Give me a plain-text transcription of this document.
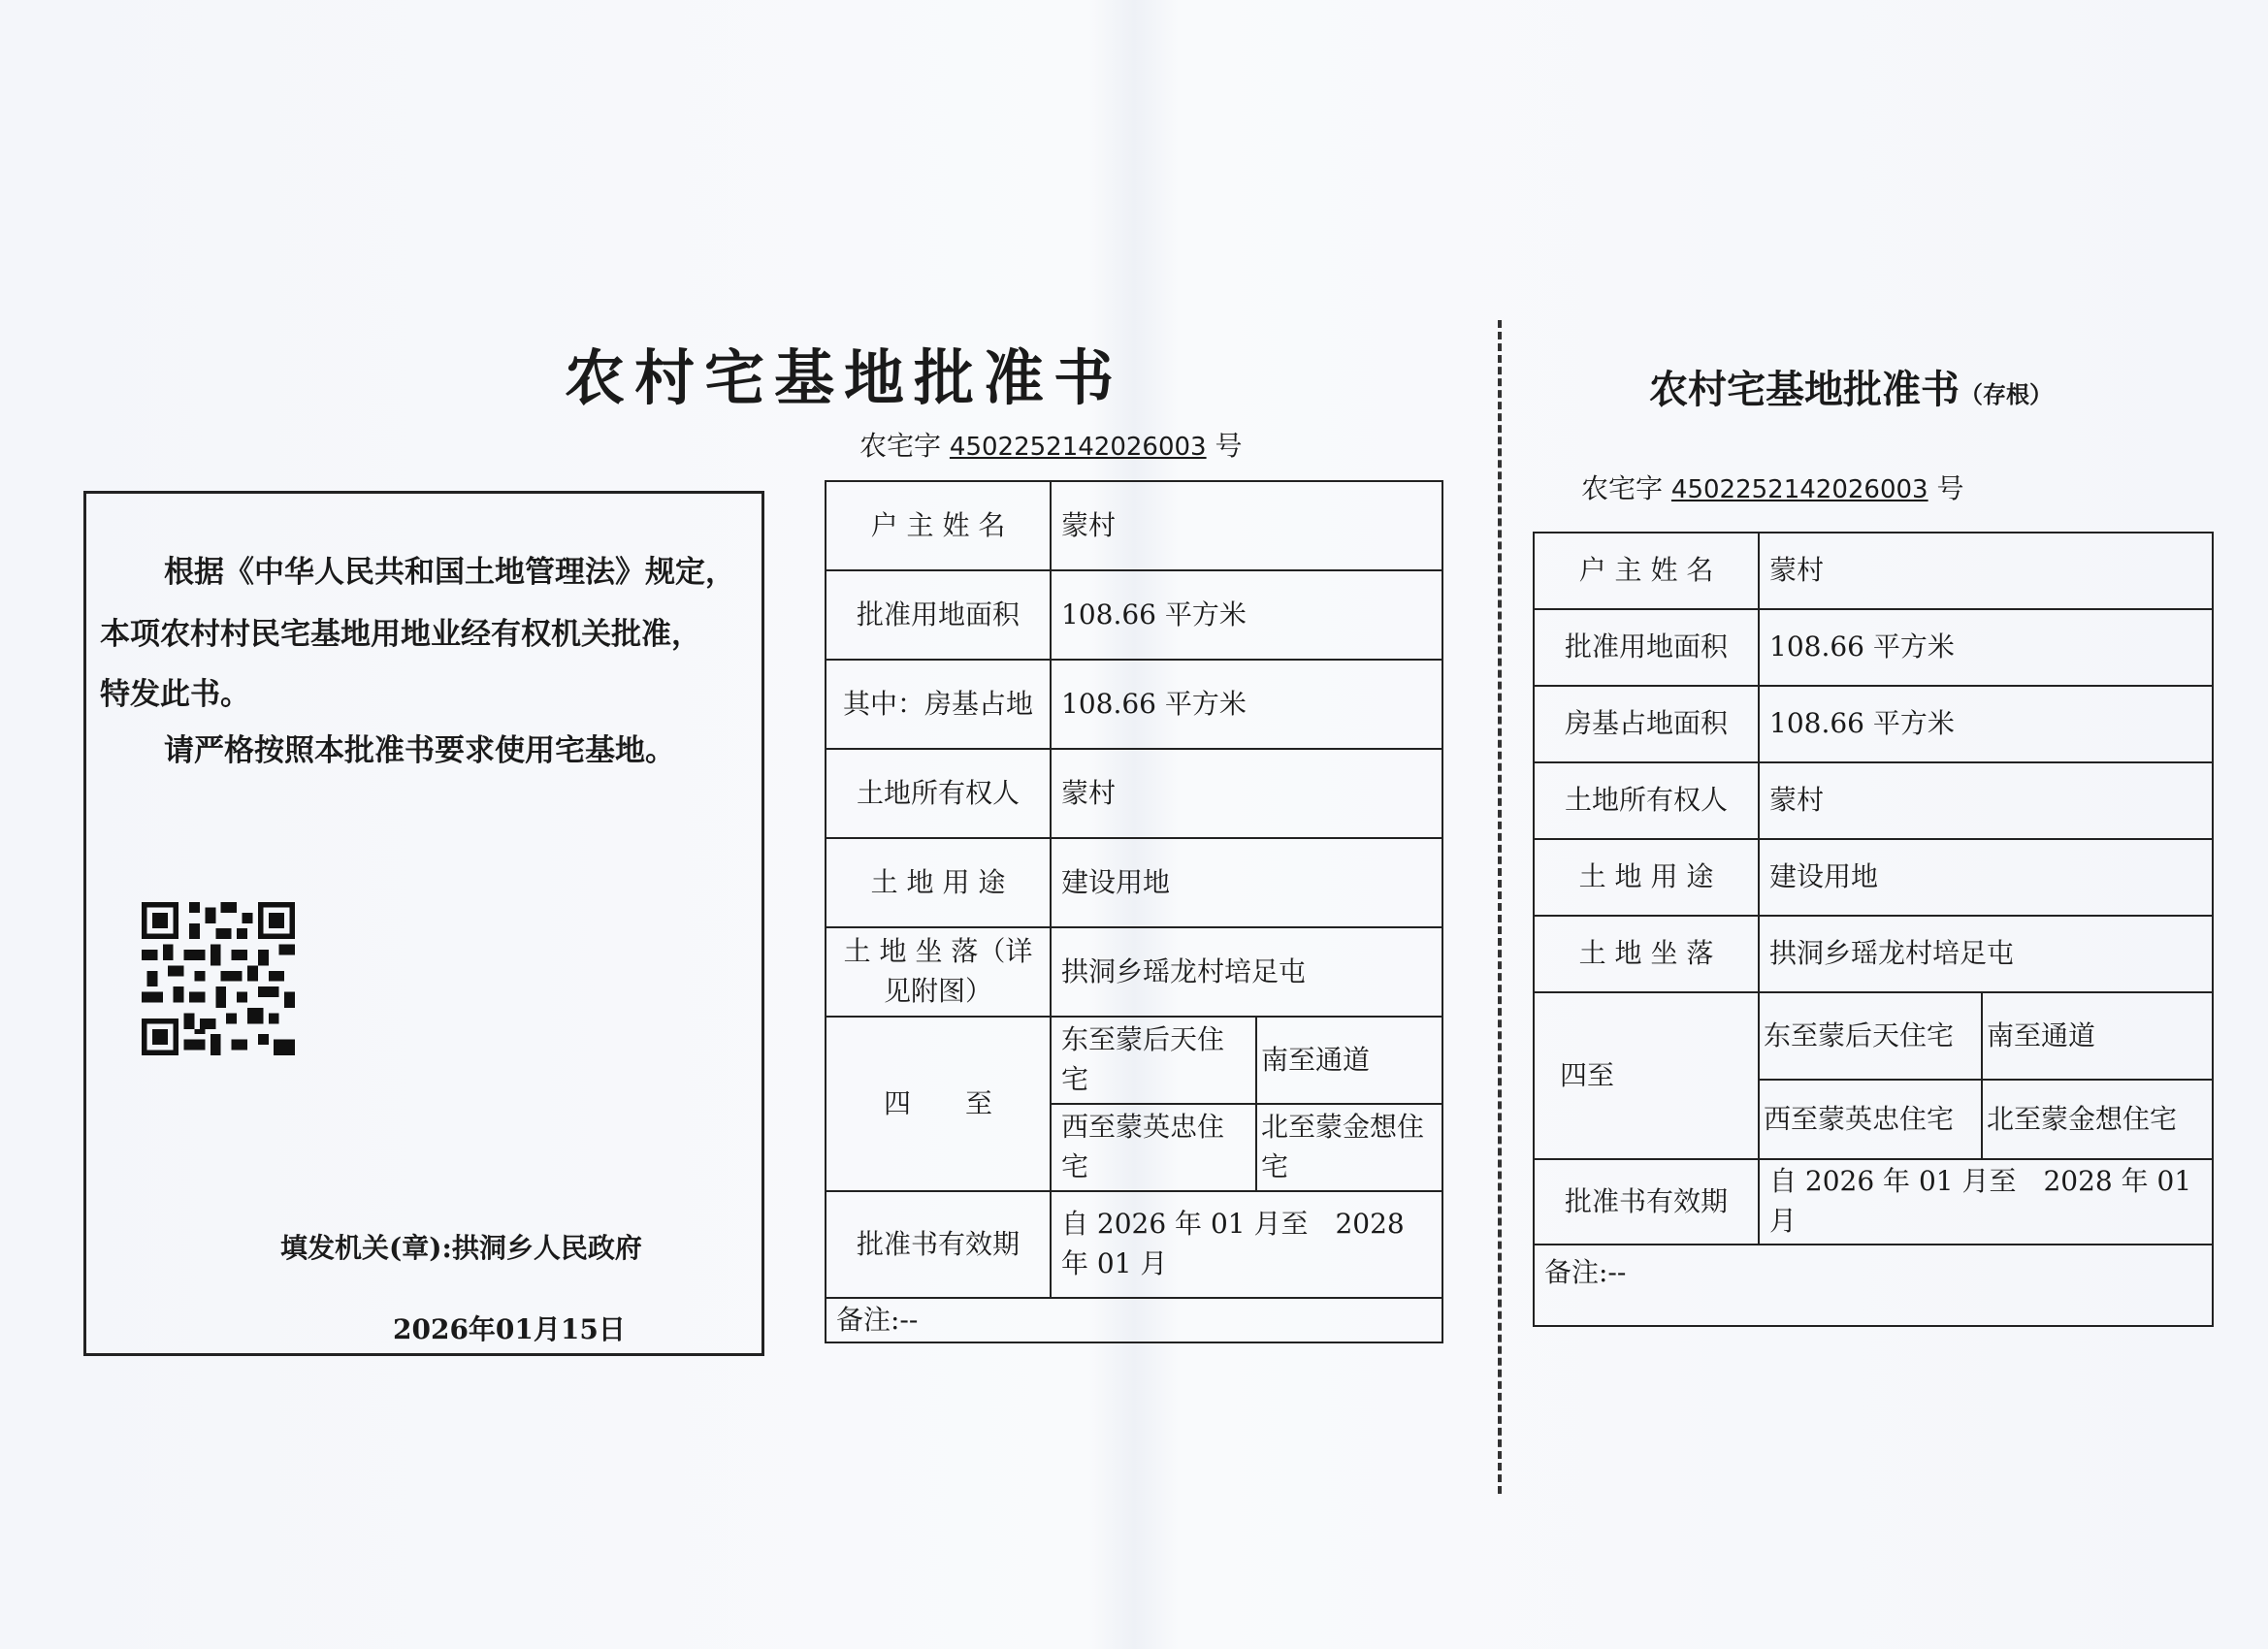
农村宅基地批准书
农宅字 4502252142026003 号
根据《中华人民共和国土地管理法》规定，
本项农村村民宅基地用地业经有权机关批准，
特发此书。
请严格按照本批准书要求使用宅基地。
填发机关(章):拱洞乡人民政府
2026年01月15日
户 主 姓 名	蒙村	
批准用地面积	108.66 平方米	
其中：房基占地	108.66 平方米	
土地所有权人	蒙村	
土 地 用 途	建设用地	
土 地 坐 落（详见附图）	拱洞乡瑶龙村培足屯	
四　　至	东至蒙后天住宅	南至通道
	西至蒙英忠住宅	北至蒙金想住宅
批准书有效期	自 2026 年 01 月至　2028 年 01 月	
备注:--		
农村宅基地批准书（存根）
农宅字 4502252142026003 号
户 主 姓 名	蒙村	
批准用地面积	108.66 平方米	
房基占地面积	108.66 平方米	
土地所有权人	蒙村	
土 地 用 途	建设用地	
土 地 坐 落	拱洞乡瑶龙村培足屯	
四至	东至蒙后天住宅	南至通道
	西至蒙英忠住宅	北至蒙金想住宅
批准书有效期	自 2026 年 01 月至　2028 年 01 月	
备注:--		
